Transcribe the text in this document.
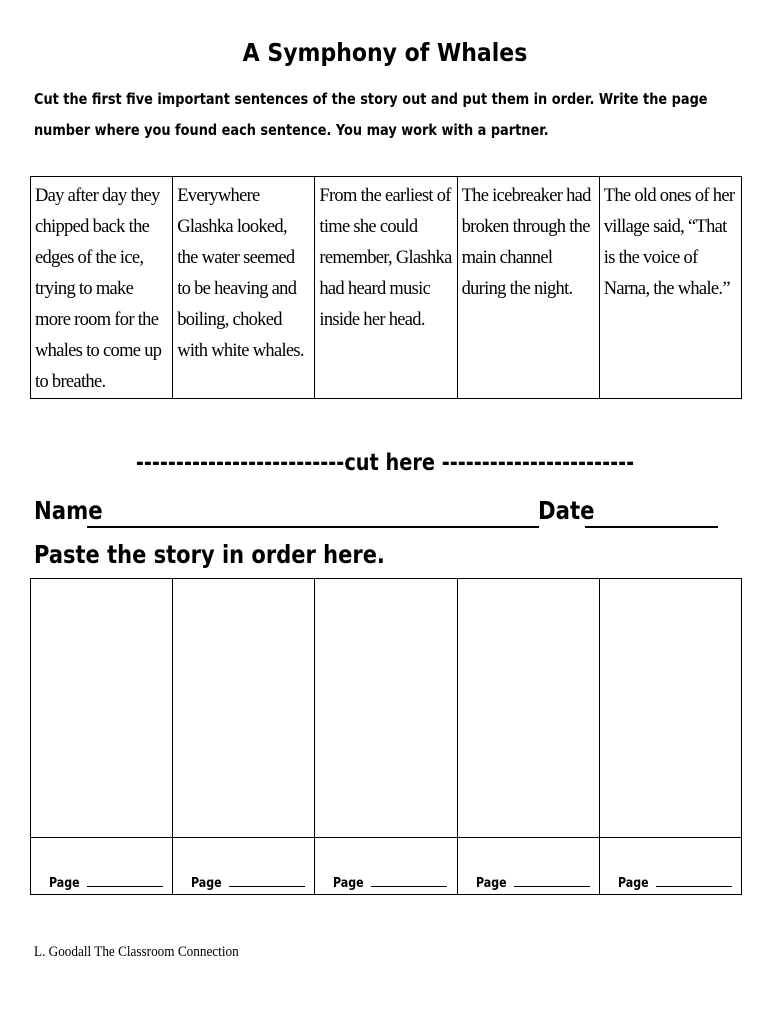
A Symphony of Whales
Cut the first five important sentences of the story out and put them in order. Write the page number where you found each sentence. You may work with a partner.
Day after day they chipped back the edges of the ice, trying to make more room for the whales to come up to breathe.	Everywhere Glashka looked, the water seemed to be heaving and boiling, choked with white whales.	From the earliest of time she could remember, Glashka had heard music inside her head.	The icebreaker had broken through the main channel during the night.	The old ones of her village said, “That is the voice of Narna, the whale.”
--------------------------cut here ------------------------
Name	Date
Paste the story in order here.

Page	Page	Page	Page	Page
L. Goodall The Classroom Connection
